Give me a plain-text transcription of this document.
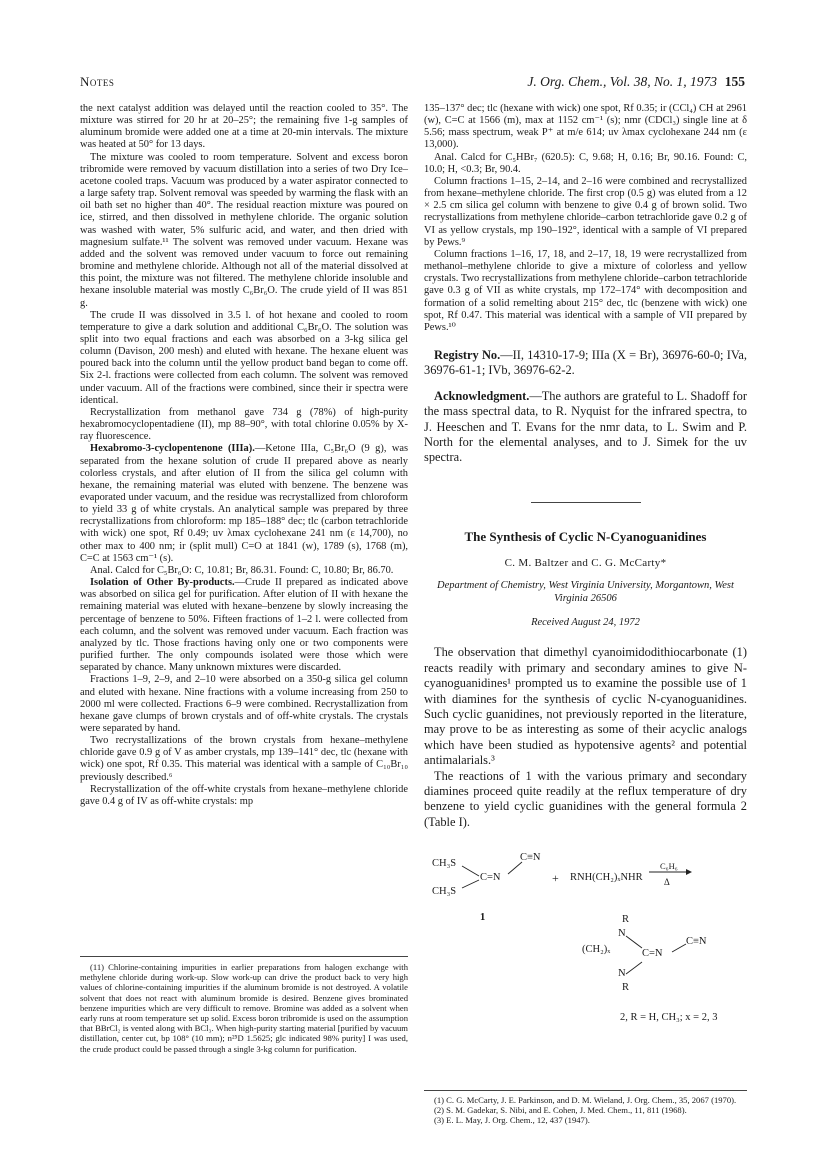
Notes	J. Org. Chem., Vol. 38, No. 1, 1973 155

the next catalyst addition was delayed until the reaction cooled to 35°. The mixture was stirred for 20 hr at 20–25°; the remaining five 1-g samples of aluminum bromide were added one at a time at 20-min intervals. The mixture was heated at 50° for 13 days.

The mixture was cooled to room temperature. Solvent and excess boron tribromide were removed by vacuum distillation into a series of two Dry Ice–acetone cooled traps. Vacuum was produced by a water aspirator connected to a large safety trap. Solvent removal was speeded by warming the flask with an oil bath set no higher than 40°. The residual reaction mixture was poured on ice, stirred, and then dissolved in methylene chloride. The organic solution was washed with water, 5% sulfuric acid, and water, and then dried with magnesium sulfate.¹¹ The solvent was removed under vacuum. Hexane was added and the solvent was removed under vacuum to force out remaining bromine and methylene chloride. Although not all of the material dissolved at this point, the mixture was not filtered. The methylene chloride insoluble and hexane insoluble material was mostly C₆Br₆O. The crude yield of II was 851 g.

The crude II was dissolved in 3.5 l. of hot hexane and cooled to room temperature to give a dark solution and additional C₆Br₆O. The solution was split into two equal fractions and each was absorbed on a 3-kg silica gel column (Davison, 200 mesh) and eluted with hexane. The hexane eluent was poured back into the column until the yellow product band began to come off. Six 2-l. fractions were collected from each column. The solvent was removed under vacuum. All of the fractions were combined, since their ir spectra were identical.

Recrystallization from methanol gave 734 g (78%) of high-purity hexabromocyclopentadiene (II), mp 88–90°, with total chlorine 0.05% by X-ray fluorescence.

Hexabromo-3-cyclopentenone (IIIa).—Ketone IIIa, C₅Br₆O (9 g), was separated from the hexane solution of crude II prepared above as nearly colorless crystals, and after elution of II from the silica gel column with hexane, the remaining material was eluted with benzene. The benzene was evaporated under vacuum, and the residue was recrystallized from chloroform to yield 33 g of white crystals. An analytical sample was prepared by three recrystallizations from chloroform: mp 185–188° dec; tlc (carbon tetrachloride with wick) one spot, Rf 0.49; uv λmax cyclohexane 241 nm (ε 14,700), no other max to 400 nm; ir (split mull) C=O at 1841 (w), 1789 (s), 1768 (m), C=C at 1563 cm⁻¹ (s).

Anal. Calcd for C₅Br₆O: C, 10.81; Br, 86.31. Found: C, 10.80; Br, 86.70.

Isolation of Other By-products.—Crude II prepared as indicated above was absorbed on silica gel for purification. After elution of II with hexane the remaining material was eluted with hexane–benzene by slowly increasing the percentage of benzene to 50%. Fifteen fractions of 1–2 l. were collected from each column, and the solvent was removed under vacuum. Each fraction was analyzed by tlc. Those fractions having only one or two components were purified further. The only compounds isolated were those which were separated by chance. Many unknown mixtures were discarded.

Fractions 1–9, 2–9, and 2–10 were absorbed on a 350-g silica gel column and eluted with hexane. Nine fractions with a volume increasing from 250 to 2000 ml were collected. Fractions 6–9 were combined. Recrystallization from hexane gave clumps of brown crystals and of off-white crystals. The crystals were separated by hand.

Two recrystallizations of the brown crystals from hexane–methylene chloride gave 0.9 g of V as amber crystals, mp 139–141° dec, tlc (hexane with wick) one spot, Rf 0.35. This material was identical with a sample of C₁₀Br₁₀ previously described.⁶

Recrystallization of the off-white crystals from hexane–methylene chloride gave 0.4 g of IV as off-white crystals: mp

(11) Chlorine-containing impurities in earlier preparations from halogen exchange with methylene chloride during work-up. Slow work-up can drive the product back to very high values of chlorine-containing impurities if the aluminum bromide is not destroyed. A volatile solvent that does not react with aluminum bromide is desired. Benzene gives brominated benzene impurities which are very difficult to remove. Bromine was added as a solvent when early runs at room temperature set up solid. Excess boron tribromide is used on the assumption that BBrCl₂ is vented along with BCl₃. When high-purity starting material [purified by vacuum distillation, center cut, bp 108° (10 mm); n²⁵D 1.5625; glc indicated 98% purity] I was used, the crude product could be passed through a single 3-kg column for purification.

135–137° dec; tlc (hexane with wick) one spot, Rf 0.35; ir (CCl₄) CH at 2961 (w), C=C at 1566 (m), max at 1152 cm⁻¹ (s); nmr (CDCl₃) single line at δ 5.56; mass spectrum, weak P⁺ at m/e 614; uv λmax cyclohexane 244 nm (ε 13,000).

Anal. Calcd for C₅HBr₇ (620.5): C, 9.68; H, 0.16; Br, 90.16. Found: C, 10.0; H, <0.3; Br, 90.4.

Column fractions 1–15, 2–14, and 2–16 were combined and recrystallized from hexane–methylene chloride. The first crop (0.5 g) was eluted from a 12 × 2.5 cm silica gel column with benzene to give 0.4 g of brown solid. Two recrystallizations from methylene chloride–carbon tetrachloride gave 0.2 g of VI as yellow crystals, mp 190–192°, identical with a sample of VI prepared by Pews.⁹

Column fractions 1–16, 17, 18, and 2–17, 18, 19 were recrystallized from methanol–methylene chloride to give a mixture of colorless and yellow crystals. Two recrystallizations from methylene chloride–carbon tetrachloride gave 0.3 g of VII as white crystals, mp 172–174° with decomposition and formation of a solid remelting about 215° dec, tlc (benzene with wick) one spot, Rf 0.47. This material was identical with a sample of VII prepared by Pews.¹⁰

Registry No.—II, 14310-17-9; IIIa (X = Br), 36976-60-0; IVa, 36976-61-1; IVb, 36976-62-2.
Acknowledgment.—The authors are grateful to L. Shadoff for the mass spectral data, to R. Nyquist for the infrared spectra, to J. Heeschen and T. Evans for the nmr data, to L. Swim and P. North for the elemental analyses, and to J. Simek for the uv spectra.
The Synthesis of Cyclic N-Cyanoguanidines
C. M. Baltzer and C. G. McCarty*
Department of Chemistry, West Virginia University, Morgantown, West Virginia 26506
Received August 24, 1972

The observation that dimethyl cyanoimidodithiocarbonate (1) reacts readily with primary and secondary amines to give N-cyanoguanidines¹ prompted us to examine the possible use of 1 with diamines for the synthesis of cyclic N-cyanoguanidines. Such cyclic guanidines, not previously reported in the literature, may prove to be as interesting as some of their acyclic analogs which have been studied as hypotensive agents² and potential antimalarials.³

The reactions of 1 with the various primary and secondary diamines proceed quite readily at the reflux temperature of dry benzene to yield cyclic guanidines with the general formula 2 (Table I).

CH₃S
CH₃S
C≡N
C=N
1
+ RNH(CH₂)ₓNHR
C₆H₆
Δ
R
N
(CH₂)ₓ	C=N
C≡N
N
R
2, R = H, CH₃; x = 2, 3

(1) C. G. McCarty, J. E. Parkinson, and D. M. Wieland, J. Org. Chem., 35, 2067 (1970).

(2) S. M. Gadekar, S. Nibi, and E. Cohen, J. Med. Chem., 11, 811 (1968).

(3) E. L. May, J. Org. Chem., 12, 437 (1947).
